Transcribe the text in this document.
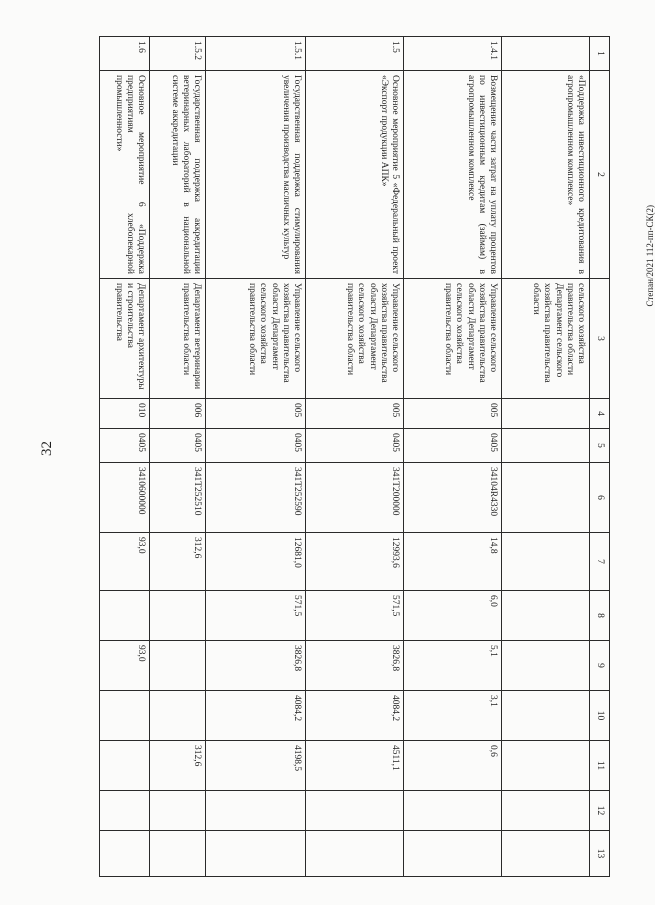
32
Степан/2021 112-пп-СК(2)
1	2	3	4	5	6	7	8	9	10	11	12	13
	«Поддержка инвестиционного кредитования в агропромышленном комплексе»	сельского хозяйства правительства области Департамент сельского хозяйства правительства области										
1.4.1	Возмещение части затрат на уплату процентов по инвестиционным кредитам (займам) в агропромышленном комплексе	Управление сельского хозяйства правительства области Департамент сельского хозяйства правительства области	005	0405	34104R4330	14,8	6,0	5,1	3,1	0,6		
1.5	Основное мероприятие 5 «Федеральный проект «Экспорт продукции АПК»	Управление сельского хозяйства правительства области Департамент сельского хозяйства правительства области	005	0405	341T200000	12993,6	571,5	3826,8	4084,2	4511,1		
1.5.1	Государственная поддержка стимулирования увеличения производства масличных культур	Управление сельского хозяйства правительства области Департамент сельского хозяйства правительства области	005	0405	341T252590	12681,0	571,5	3826,8	4084,2	4198,5		
1.5.2	Государственная поддержка аккредитации ветеринарных лабораторий в национальной системе аккредитации	Департамент ветеринарии правительства области	006	0405	341T252510	312,6				312,6		
1.6	Основное мероприятие 6 «Поддержка предприятиям хлебопекарной промышленности»	Департамент архитектуры и строительства правительства	010	0405	3410600000	93,0		93,0				
